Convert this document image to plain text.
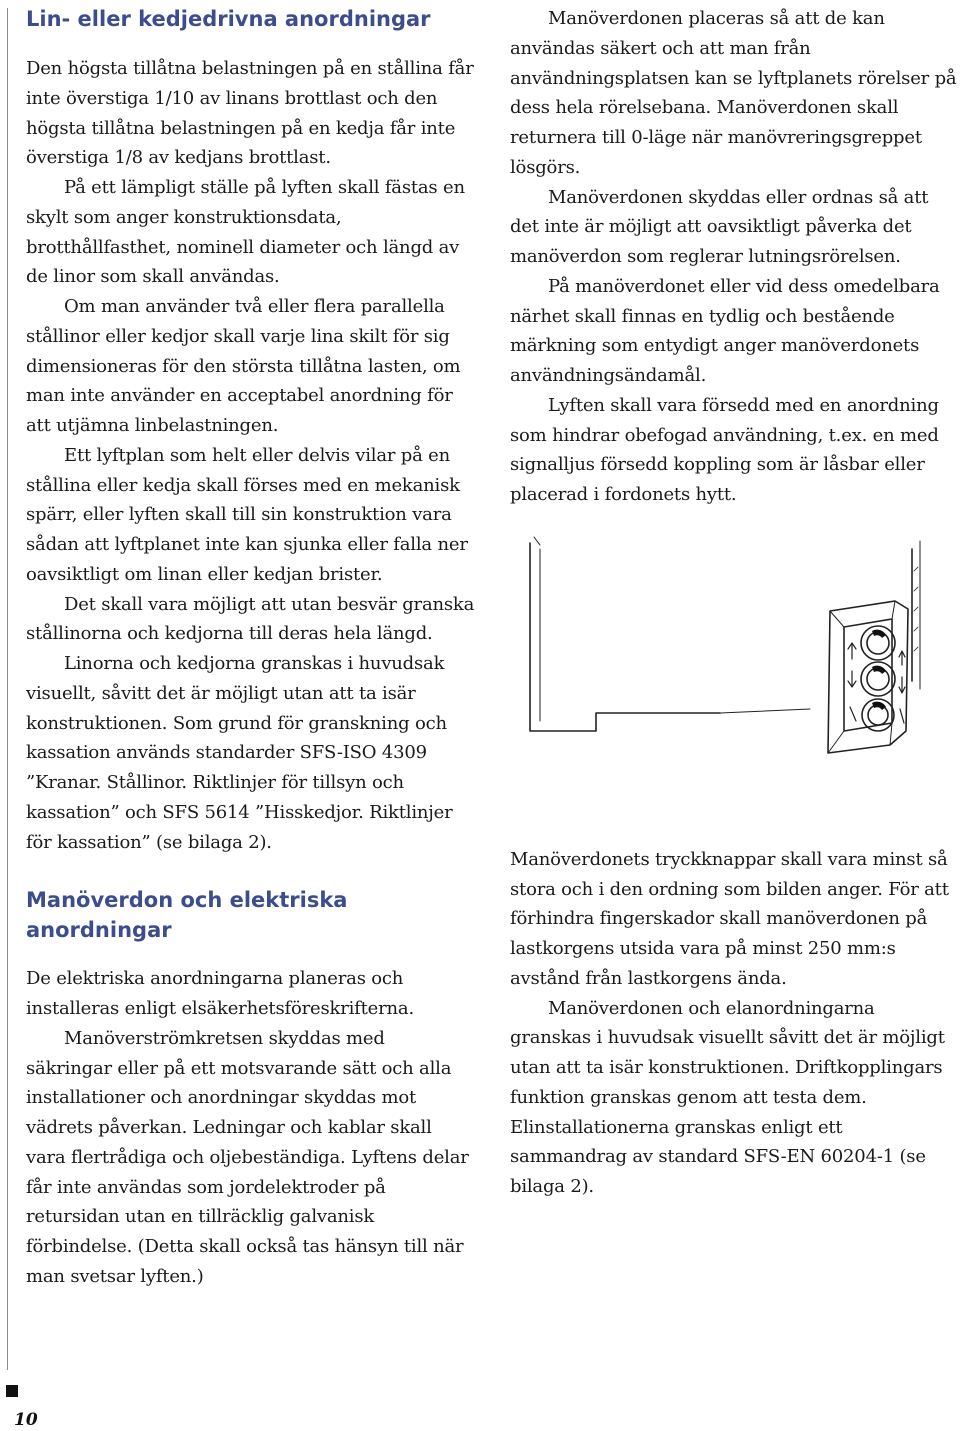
Lin- eller kedjedrivna anordningar

Den högsta tillåtna belastningen på en stållina får inte överstiga 1/10 av linans brottlast och den högsta tillåtna belastningen på en kedja får inte överstiga 1/8 av kedjans brottlast.

På ett lämpligt ställe på lyften skall fästas en skylt som anger konstruktionsdata, brotthållfasthet, nominell diameter och längd av de linor som skall användas.

Om man använder två eller flera parallella stållinor eller kedjor skall varje lina skilt för sig dimensioneras för den största tillåtna lasten, om man inte använder en acceptabel anordning för att utjämna linbelastningen.

Ett lyftplan som helt eller delvis vilar på en stållina eller kedja skall förses med en mekanisk spärr, eller lyften skall till sin konstruktion vara sådan att lyftplanet inte kan sjunka eller falla ner oavsiktligt om linan eller kedjan brister.

Det skall vara möjligt att utan besvär granska stållinorna och kedjorna till deras hela längd.

Linorna och kedjorna granskas i huvudsak visuellt, såvitt det är möjligt utan att ta isär konstruktionen. Som grund för granskning och kassation används standarder SFS-ISO 4309 ”Kranar. Stållinor. Riktlinjer för tillsyn och kassation” och SFS 5614 ”Hisskedjor. Riktlinjer för kassation” (se bilaga 2).

Manöverdon och elektriska anordningar

De elektriska anordningarna planeras och installeras enligt elsäkerhetsföreskrifterna.

Manöverströmkretsen skyddas med säkringar eller på ett motsvarande sätt och alla installationer och anordningar skyddas mot vädrets påverkan. Ledningar och kablar skall vara flertrådiga och oljebeständiga. Lyftens delar får inte användas som jordelektroder på retursidan utan en tillräcklig galvanisk förbindelse. (Detta skall också tas hänsyn till när man svetsar lyften.)

Manöverdonen placeras så att de kan användas säkert och att man från användningsplatsen kan se lyftplanets rörelser på dess hela rörelsebana. Manöverdonen skall returnera till 0-läge när manövreringsgreppet lösgörs.

Manöverdonen skyddas eller ordnas så att det inte är möjligt att oavsiktligt påverka det manöverdon som reglerar lutningsrörelsen.

På manöverdonet eller vid dess omedelbara närhet skall finnas en tydlig och bestående märkning som entydigt anger manöverdonets användningsändamål.

Lyften skall vara försedd med en anordning som hindrar obefogad användning, t.ex. en med signalljus försedd koppling som är låsbar eller placerad i fordonets hytt.

Manöverdonets tryckknappar skall vara minst så stora och i den ordning som bilden anger. För att förhindra fingerskador skall manöverdonen på lastkorgens utsida vara på minst 250 mm:s avstånd från lastkorgens ända.

Manöverdonen och elanordningarna granskas i huvudsak visuellt såvitt det är möjligt utan att ta isär konstruktionen. Driftkopplingars funktion granskas genom att testa dem. Elinstallationerna granskas enligt ett sammandrag av standard SFS-EN 60204-1 (se bilaga 2).

10
